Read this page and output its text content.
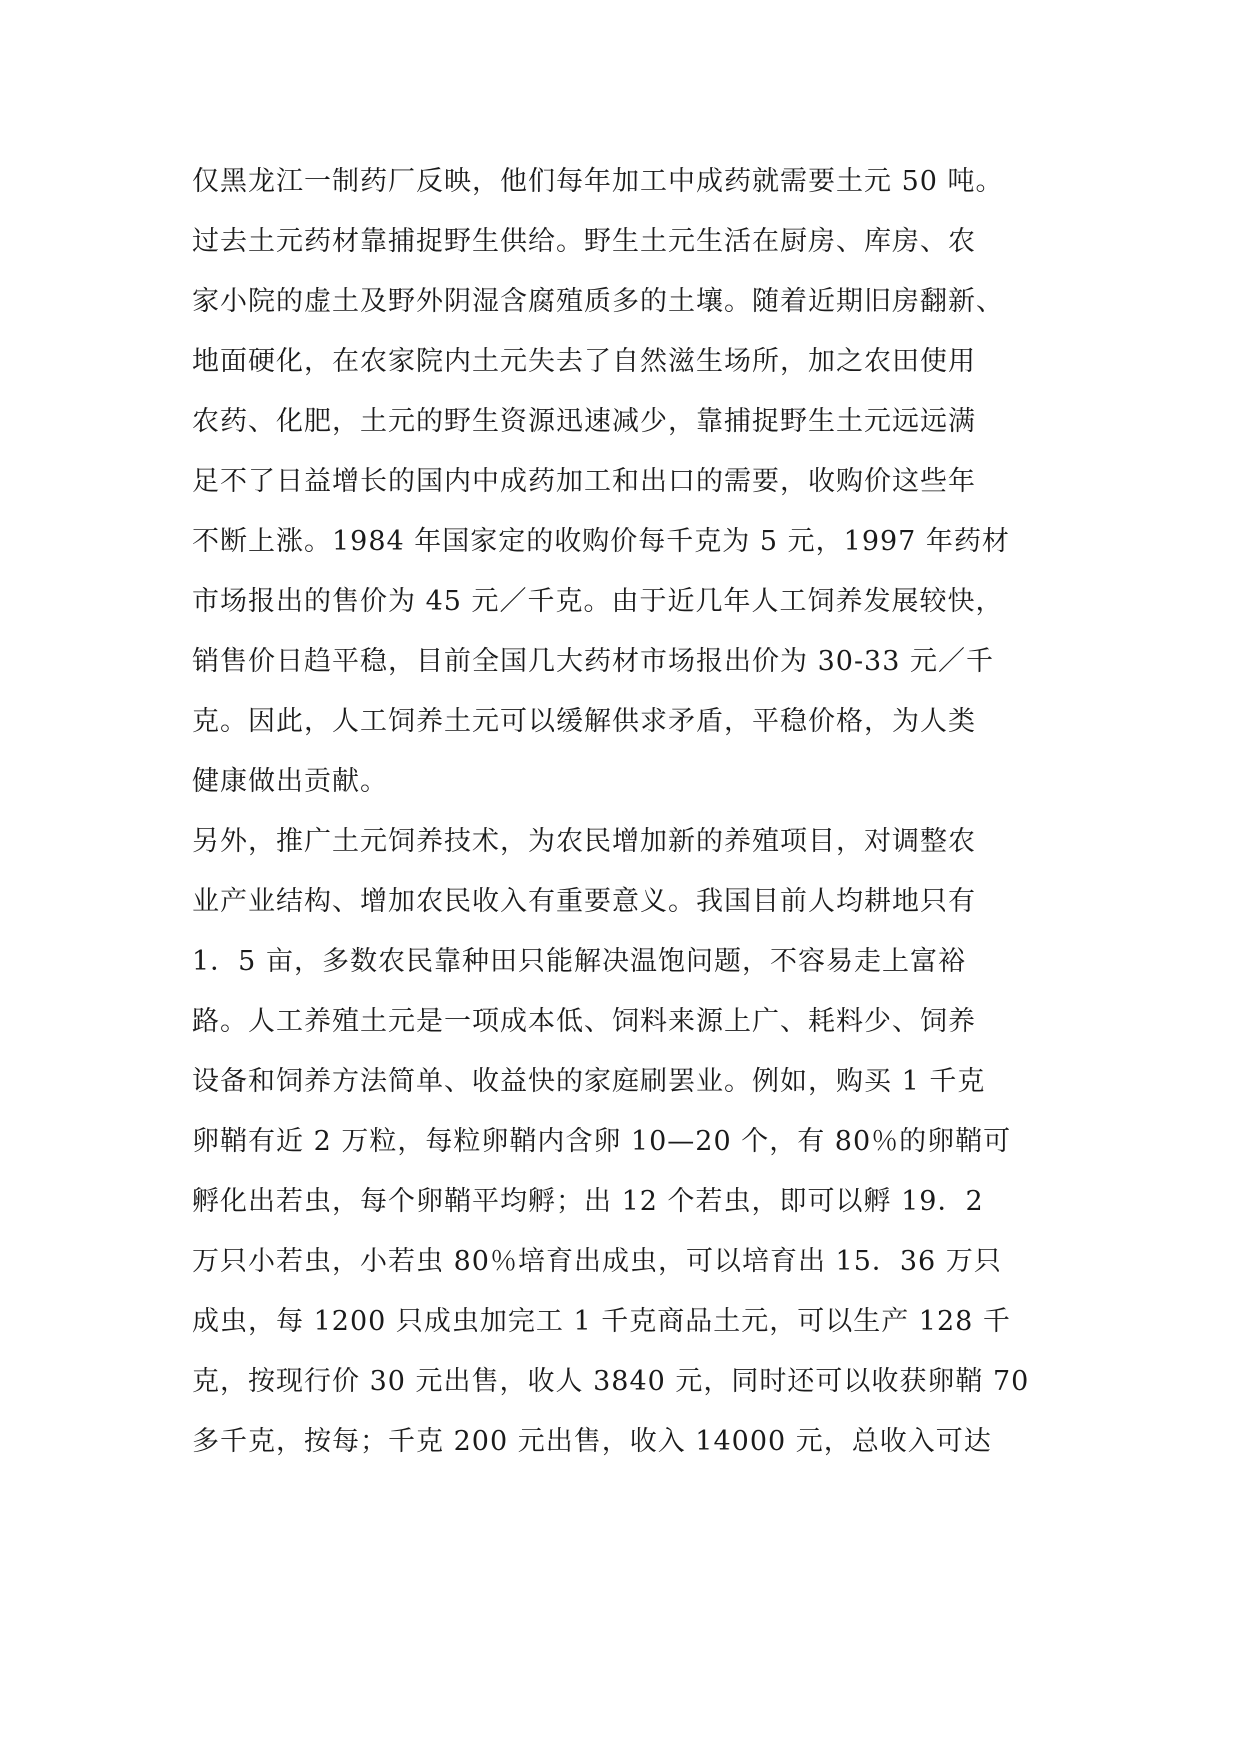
仅黑龙江一制药厂反映，他们每年加工中成药就需要土元 50 吨。
过去土元药材靠捕捉野生供给。野生土元生活在厨房、库房、农
家小院的虚土及野外阴湿含腐殖质多的土壤。随着近期旧房翻新、
地面硬化，在农家院内土元失去了自然滋生场所，加之农田使用
农药、化肥，土元的野生资源迅速减少，靠捕捉野生土元远远满
足不了日益增长的国内中成药加工和出口的需要，收购价这些年
不断上涨。1984 年国家定的收购价每千克为 5 元，1997 年药材
市场报出的售价为 45 元／千克。由于近几年人工饲养发展较快，
销售价日趋平稳，目前全国几大药材市场报出价为 30-33 元／千
克。因此，人工饲养土元可以缓解供求矛盾，平稳价格，为人类
健康做出贡献。
另外，推广土元饲养技术，为农民增加新的养殖项目，对调整农
业产业结构、增加农民收入有重要意义。我国目前人均耕地只有
1．5 亩，多数农民靠种田只能解决温饱问题，不容易走上富裕
路。人工养殖土元是一项成本低、饲料来源上广、耗料少、饲养
设备和饲养方法简单、收益快的家庭刷罢业。例如，购买 1 千克
卵鞘有近 2 万粒，每粒卵鞘内含卵 10—20 个，有 80％的卵鞘可
孵化出若虫，每个卵鞘平均孵；出 12 个若虫，即可以孵 19．2
万只小若虫，小若虫 80％培育出成虫，可以培育出 15．36 万只
成虫，每 1200 只成虫加完工 1 千克商品土元，可以生产 128 千
克，按现行价 30 元出售，收人 3840 元，同时还可以收获卵鞘 70
多千克，按每；千克 200 元出售，收入 14000 元，总收入可达
